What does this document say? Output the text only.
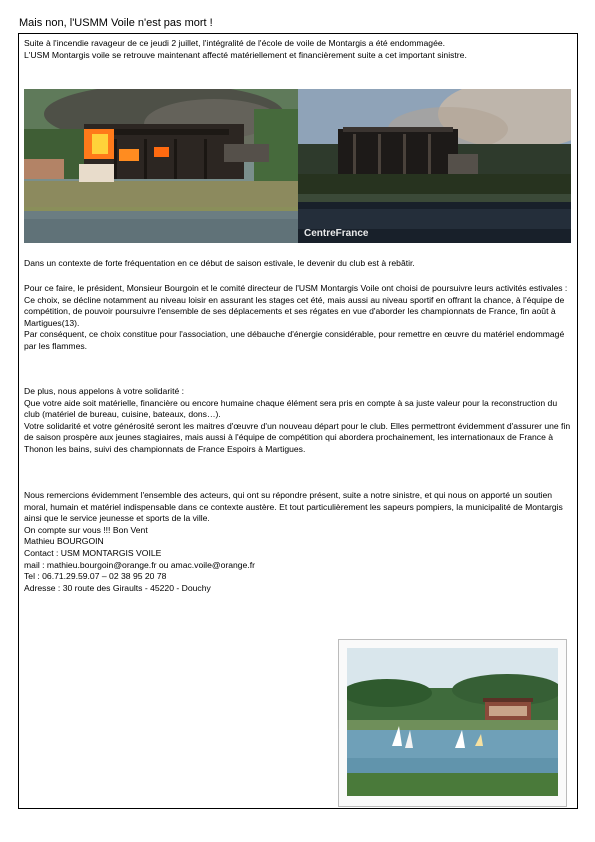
Mais non, l'USMM Voile n'est pas mort !

Suite à l'incendie ravageur de ce jeudi 2 juillet, l'intégralité de l'école de voile de Montargis a été endommagée.

L'USM Montargis voile se retrouve maintenant affecté matériellement et financièrement suite a cet important sinistre.

CentreFrance

Dans un contexte de forte fréquentation en ce début de saison estivale, le devenir du club est à rebâtir.

Pour ce faire, le président, Monsieur Bourgoin et le comité directeur de l'USM Montargis Voile ont choisi de poursuivre leurs activités estivales :

Ce choix, se décline notamment au niveau loisir en assurant les stages cet été, mais aussi au niveau sportif en offrant la chance, à l'équipe de compétition, de pouvoir poursuivre l'ensemble de ses déplacements et ses régates en vue d'aborder les championnats de France, fin août à Martigues(13).

Par conséquent, ce choix constitue pour l'association, une débauche d'énergie considérable, pour remettre en œuvre du matériel endommagé par les flammes.

De plus, nous appelons à votre solidarité :

Que votre aide soit matérielle, financière ou encore humaine chaque élément sera pris en compte à sa juste valeur pour la reconstruction du club (matériel de bureau, cuisine, bateaux, dons…).

Votre solidarité et votre générosité seront les maitres d'œuvre d'un nouveau départ pour le club. Elles permettront évidemment d'assurer une fin de saison prospère aux jeunes stagiaires, mais aussi à l'équipe de compétition qui abordera prochainement, les internationaux de France à Thonon les bains, suivi des championnats de France Espoirs à Martigues.

Nous remercions évidemment l'ensemble des acteurs, qui ont su répondre présent, suite a notre sinistre, et qui nous on apporté un soutien moral, humain et matériel indispensable dans ce contexte austère. Et tout particulièrement les sapeurs pompiers, la municipalité de Montargis ainsi que le service jeunesse et sports de la ville.

On compte sur vous !!! Bon Vent

Mathieu BOURGOIN

Contact : USM MONTARGIS VOILE

mail : mathieu.bourgoin@orange.fr ou amac.voile@orange.fr

Tel : 06.71.29.59.07 – 02 38 95 20 78

Adresse : 30 route des Giraults - 45220 - Douchy
